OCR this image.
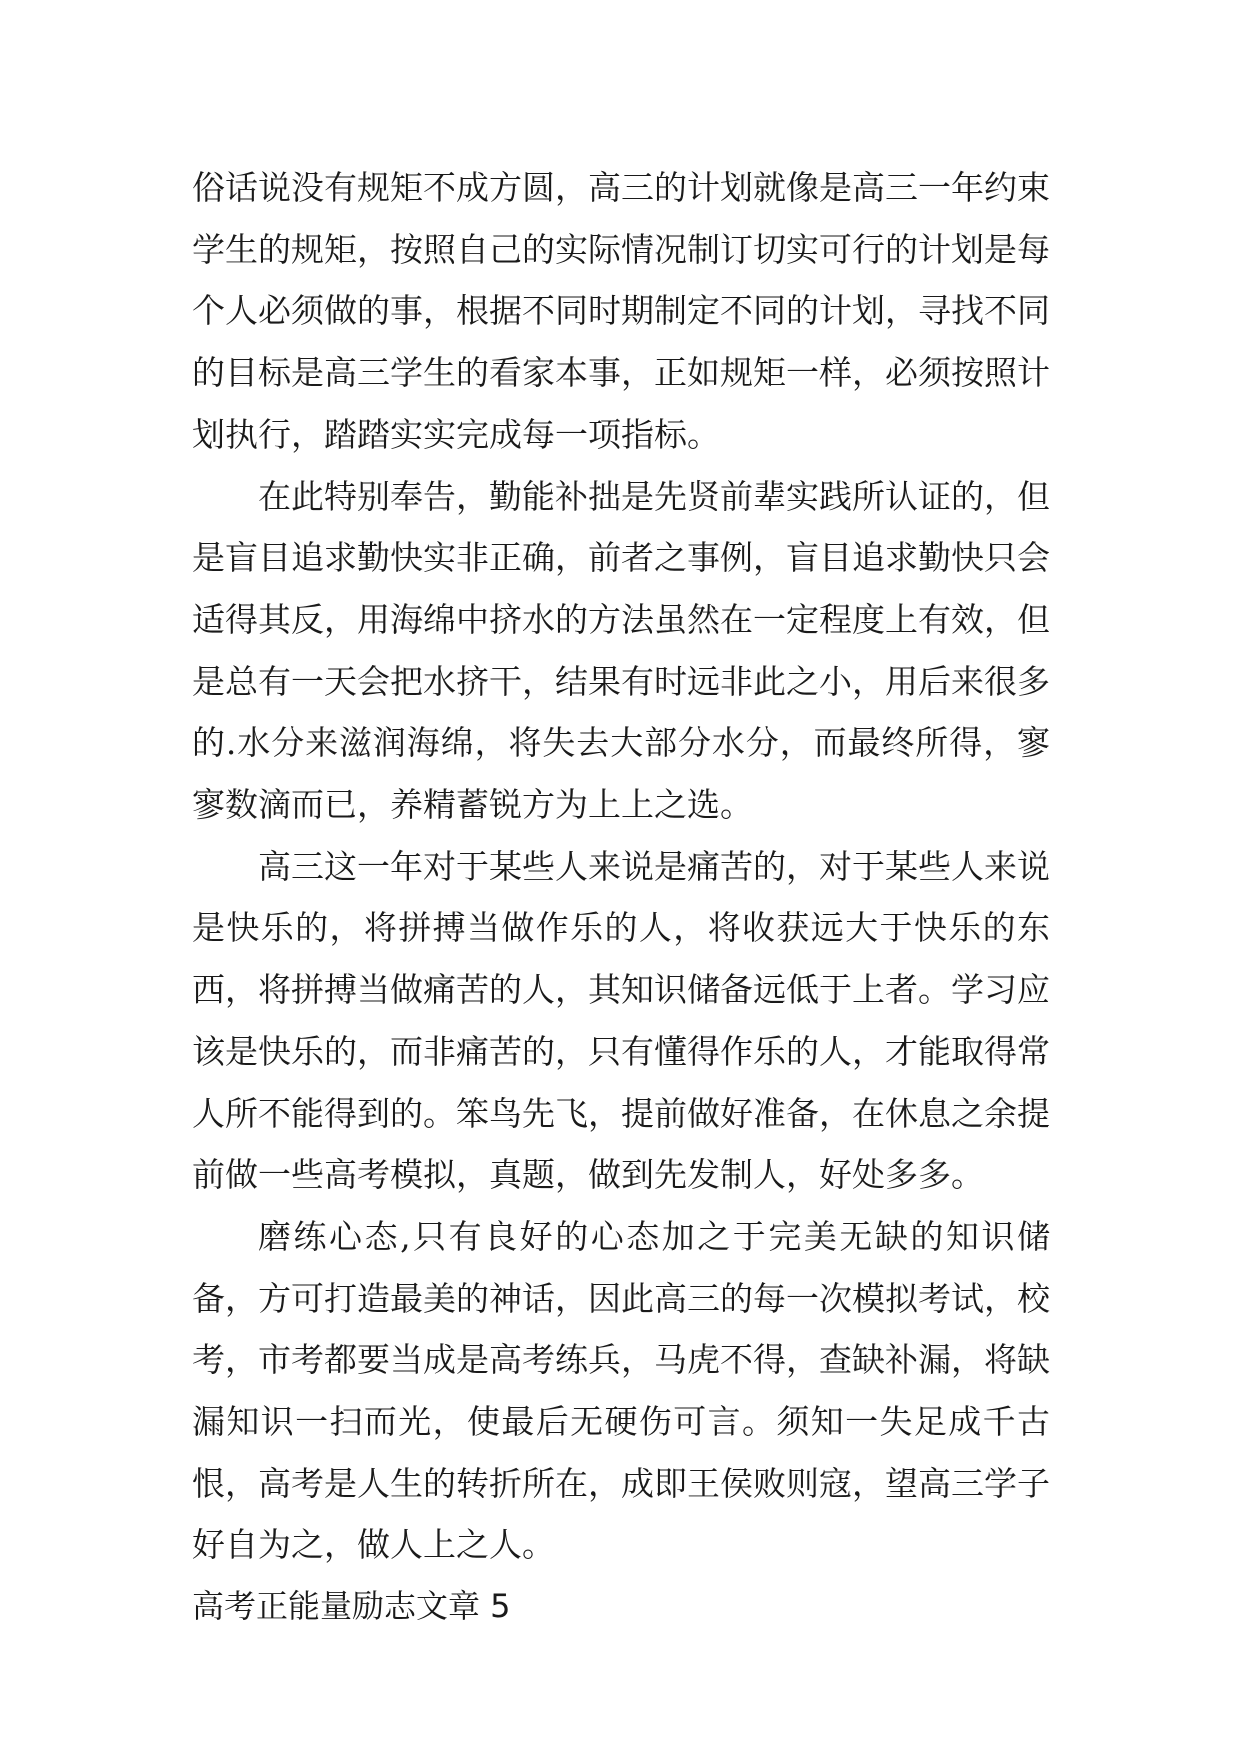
俗话说没有规矩不成方圆，高三的计划就像是高三一年约束学生的规矩，按照自己的实际情况制订切实可行的计划是每个人必须做的事，根据不同时期制定不同的计划，寻找不同的目标是高三学生的看家本事，正如规矩一样，必须按照计划执行，踏踏实实完成每一项指标。

在此特别奉告，勤能补拙是先贤前辈实践所认证的，但是盲目追求勤快实非正确，前者之事例，盲目追求勤快只会适得其反，用海绵中挤水的方法虽然在一定程度上有效，但是总有一天会把水挤干，结果有时远非此之小，用后来很多的.水分来滋润海绵，将失去大部分水分，而最终所得，寥寥数滴而已，养精蓄锐方为上上之选。

高三这一年对于某些人来说是痛苦的，对于某些人来说是快乐的，将拼搏当做作乐的人，将收获远大于快乐的东西，将拼搏当做痛苦的人，其知识储备远低于上者。学习应该是快乐的，而非痛苦的，只有懂得作乐的人，才能取得常人所不能得到的。笨鸟先飞，提前做好准备，在休息之余提前做一些高考模拟，真题，做到先发制人，好处多多。

磨练心态,只有良好的心态加之于完美无缺的知识储备，方可打造最美的神话，因此高三的每一次模拟考试，校考，市考都要当成是高考练兵，马虎不得，查缺补漏，将缺漏知识一扫而光，使最后无硬伤可言。须知一失足成千古恨，高考是人生的转折所在，成即王侯败则寇，望高三学子好自为之，做人上之人。

高考正能量励志文章 5
